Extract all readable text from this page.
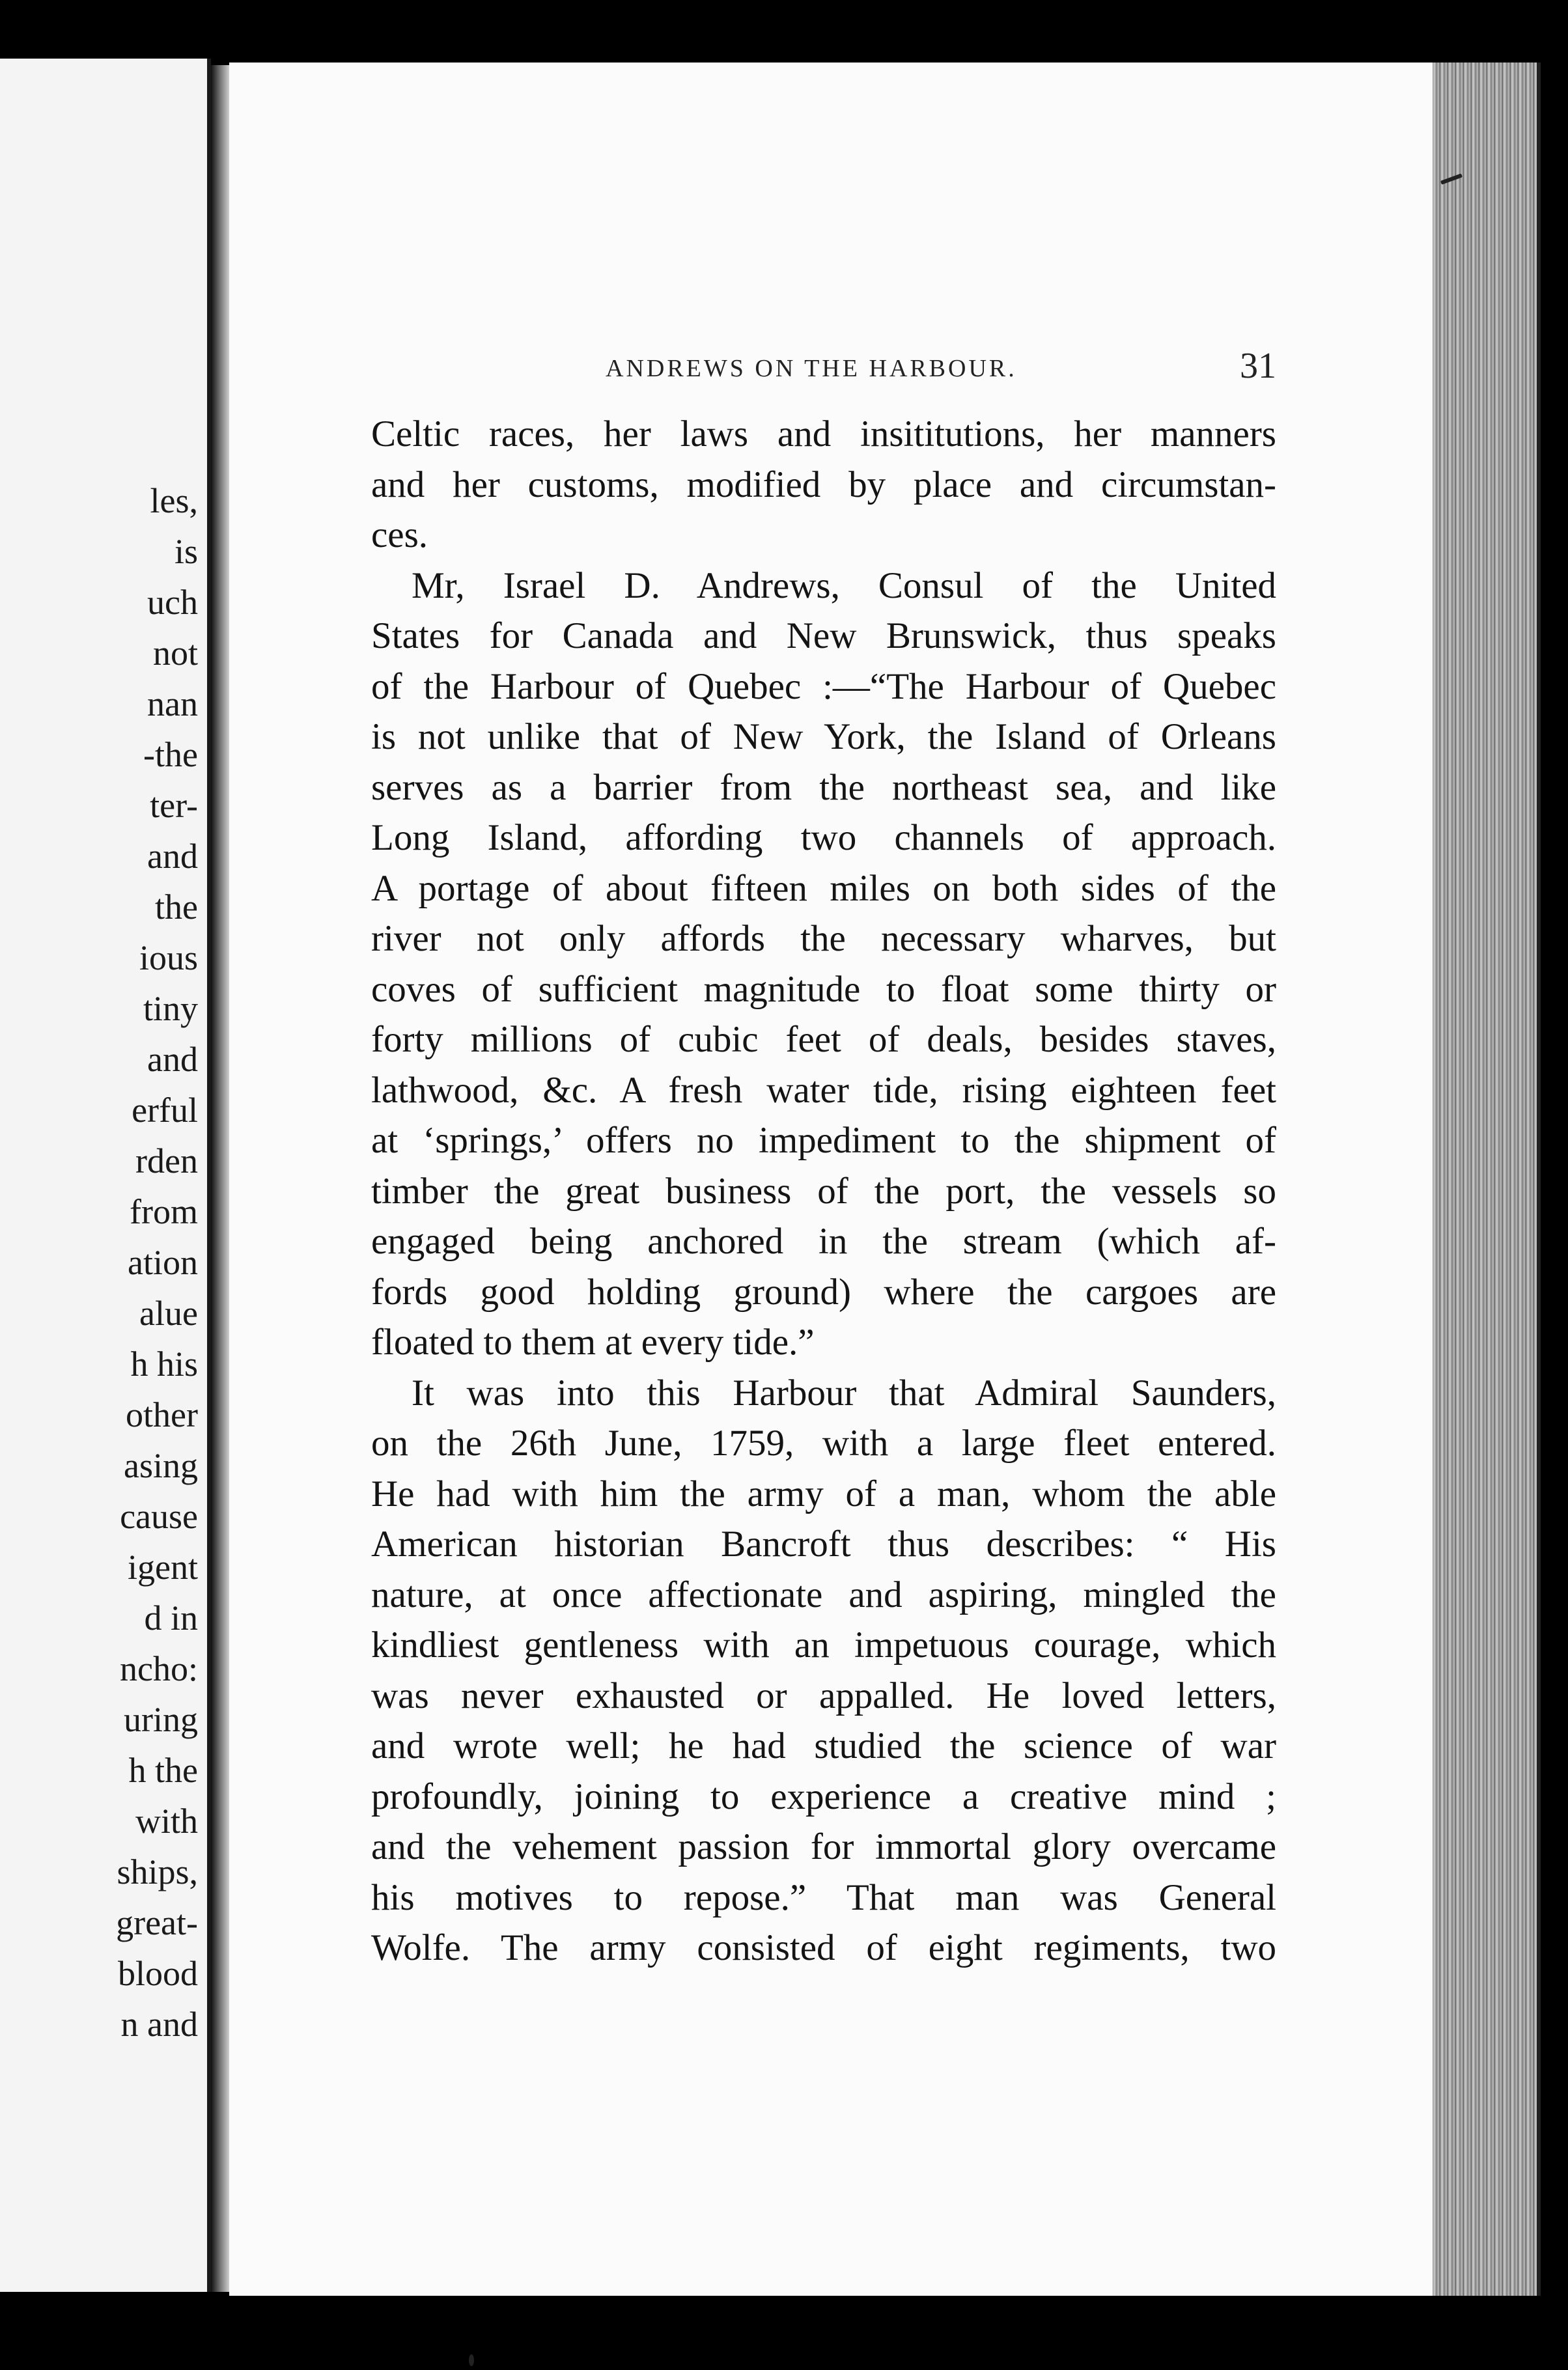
les,
is
uch
not
nan
-the
ter-
and
the
ious
tiny
and
erful
rden
from
ation
alue
h his
other
asing
cause
igent
d in
ncho:
uring
h the
with
ships,
great-
blood
n and
ANDREWS ON THE HARBOUR.	31
Celtic races, her laws and insititutions, her manners
and her customs, modified by place and circumstan-
ces.
Mr, Israel D. Andrews, Consul of the United
States for Canada and New Brunswick, thus speaks
of the Harbour of Quebec :—“The Harbour of Quebec
is not unlike that of New York, the Island of Orleans
serves as a barrier from the northeast sea, and like
Long Island, affording two channels of approach.
A portage of about fifteen miles on both sides of the
river not only affords the necessary wharves, but
coves of sufficient magnitude to float some thirty or
forty millions of cubic feet of deals, besides staves,
lathwood, &c. A fresh water tide, rising eighteen feet
at ‘springs,’ offers no impediment to the shipment of
timber the great business of the port, the vessels so
engaged being anchored in the stream (which af-
fords good holding ground) where the cargoes are
floated to them at every tide.”
It was into this Harbour that Admiral Saunders,
on the 26th June, 1759, with a large fleet entered.
He had with him the army of a man, whom the able
American historian Bancroft thus describes: “ His
nature, at once affectionate and aspiring, mingled the
kindliest gentleness with an impetuous courage, which
was never exhausted or appalled. He loved letters,
and wrote well; he had studied the science of war
profoundly, joining to experience a creative mind ;
and the vehement passion for immortal glory overcame
his motives to repose.” That man was General
Wolfe. The army consisted of eight regiments, two
